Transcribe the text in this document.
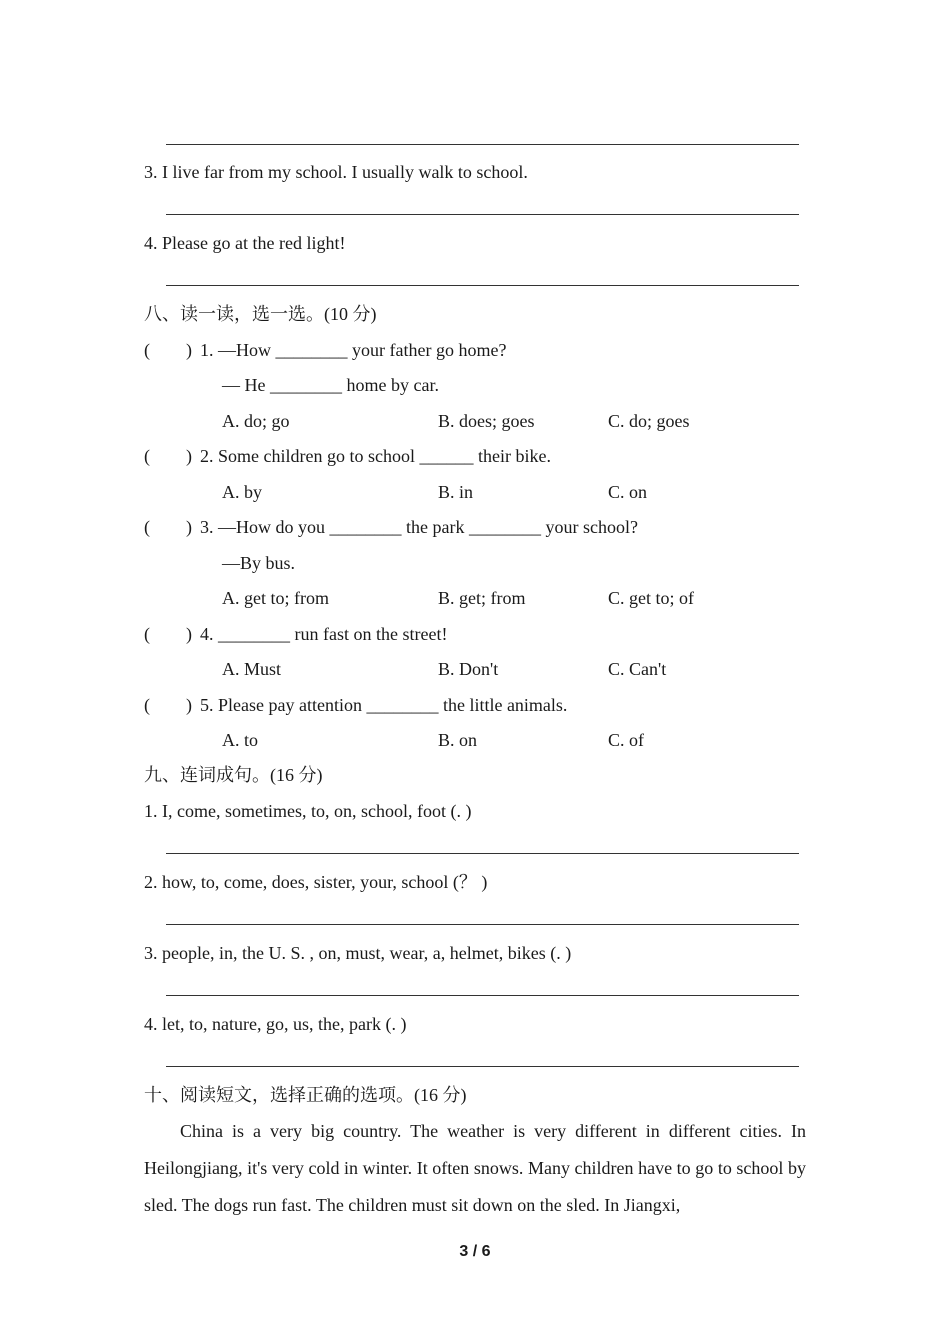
3. I live far from my school. I usually walk to school.
4. Please go at the red light!
八、读一读，选一选。(10 分)
(        ) 1. —How ________ your father go home?
— He ________ home by car.
A. do; go	B. does; goes	C. do; goes
(        ) 2. Some children go to school ______ their bike.
A. by	B. in	C. on
(        ) 3. —How do you ________ the park ________ your school?
—By bus.
A. get to; from	B. get; from	C. get to; of
(        ) 4. ________ run fast on the street!
A. Must	B. Don't	C. Can't
(        ) 5. Please pay attention ________ the little animals.
A. to	B. on	C. of
九、连词成句。(16 分)
1. I, come, sometimes, to, on, school, foot (. )
2. how, to, come, does, sister, your, school (？ )
3. people, in, the U. S. , on, must, wear, a, helmet, bikes (. )
4. let, to, nature, go, us, the, park (. )
十、阅读短文，选择正确的选项。(16 分)

China is a very big country. The weather is very different in different cities. In Heilongjiang, it's very cold in winter. It often snows. Many children have to go to school by sled. The dogs run fast. The children must sit down on the sled. In Jiangxi,

3 / 6
